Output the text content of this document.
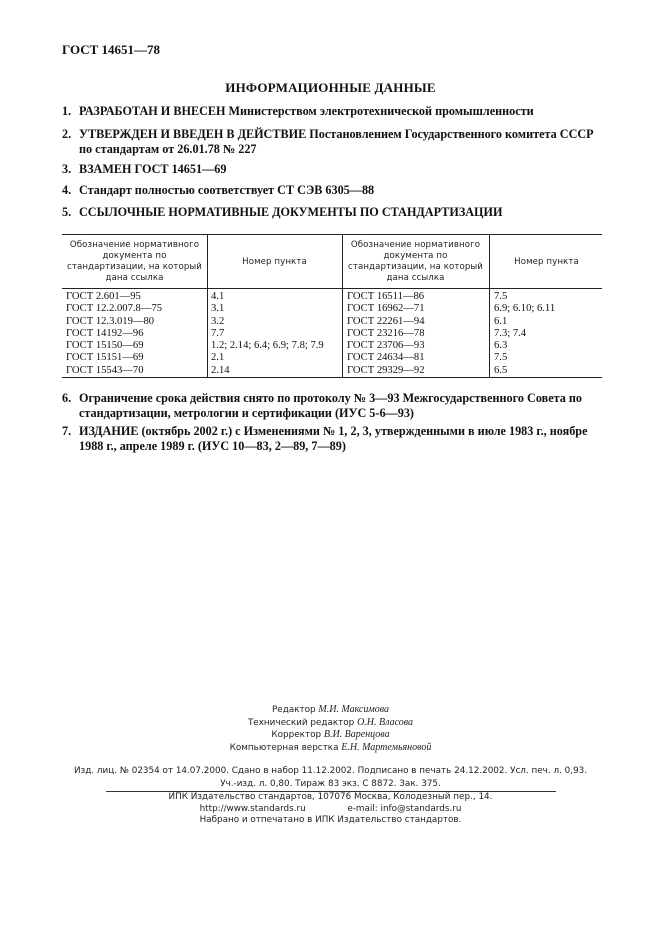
ГОСТ 14651—78
ИНФОРМАЦИОННЫЕ ДАННЫЕ
1. РАЗРАБОТАН И ВНЕСЕН Министерством электротехнической промышленности
2. УТВЕРЖДЕН И ВВЕДЕН В ДЕЙСТВИЕ Постановлением Государственного комитета СССР по стандартам от 26.01.78 № 227
3. ВЗАМЕН ГОСТ 14651—69
4. Стандарт полностью соответствует СТ СЭВ 6305—88
5. ССЫЛОЧНЫЕ НОРМАТИВНЫЕ ДОКУМЕНТЫ ПО СТАНДАРТИЗАЦИИ
Обозначение нормативного документа по стандартизации, на который дана ссылка
Номер пункта
Обозначение нормативного документа по стандартизации, на который дана ссылка
Номер пункта
ГОСТ 2.601—95
ГОСТ 12.2.007.8—75
ГОСТ 12.3.019—80
ГОСТ 14192—96
ГОСТ 15150—69
ГОСТ 15151—69
ГОСТ 15543—70
4.1
3.1
3.2
7.7
1.2; 2.14; 6.4; 6.9; 7.8; 7.9
2.1
2.14
ГОСТ 16511—86
ГОСТ 16962—71
ГОСТ 22261—94
ГОСТ 23216—78
ГОСТ 23706—93
ГОСТ 24634—81
ГОСТ 29329—92
7.5
6.9; 6.10; 6.11
6.1
7.3; 7.4
6.3
7.5
6.5
6. Ограничение срока действия снято по протоколу № 3—93 Межгосударственного Совета по стандартизации, метрологии и сертификации (ИУС 5-6—93)
7. ИЗДАНИЕ (октябрь 2002 г.) с Изменениями № 1, 2, 3, утвержденными в июле 1983 г., ноябре 1988 г., апреле 1989 г. (ИУС 10—83, 2—89, 7—89)
Редактор М.И. Максимова
Технический редактор О.Н. Власова
Корректор В.И. Варенцова
Компьютерная верстка Е.Н. Мартемьяновой
Изд. лиц. № 02354 от 14.07.2000. Сдано в набор 11.12.2002. Подписано в печать 24.12.2002. Усл. печ. л. 0,93.
Уч.-изд. л. 0,80. Тираж 83 экз. С 8872. Зак. 375.
ИПК Издательство стандартов, 107076 Москва, Колодезный пер., 14.
http://www.standards.ru	e-mail: info@standards.ru
Набрано и отпечатано в ИПК Издательство стандартов.
